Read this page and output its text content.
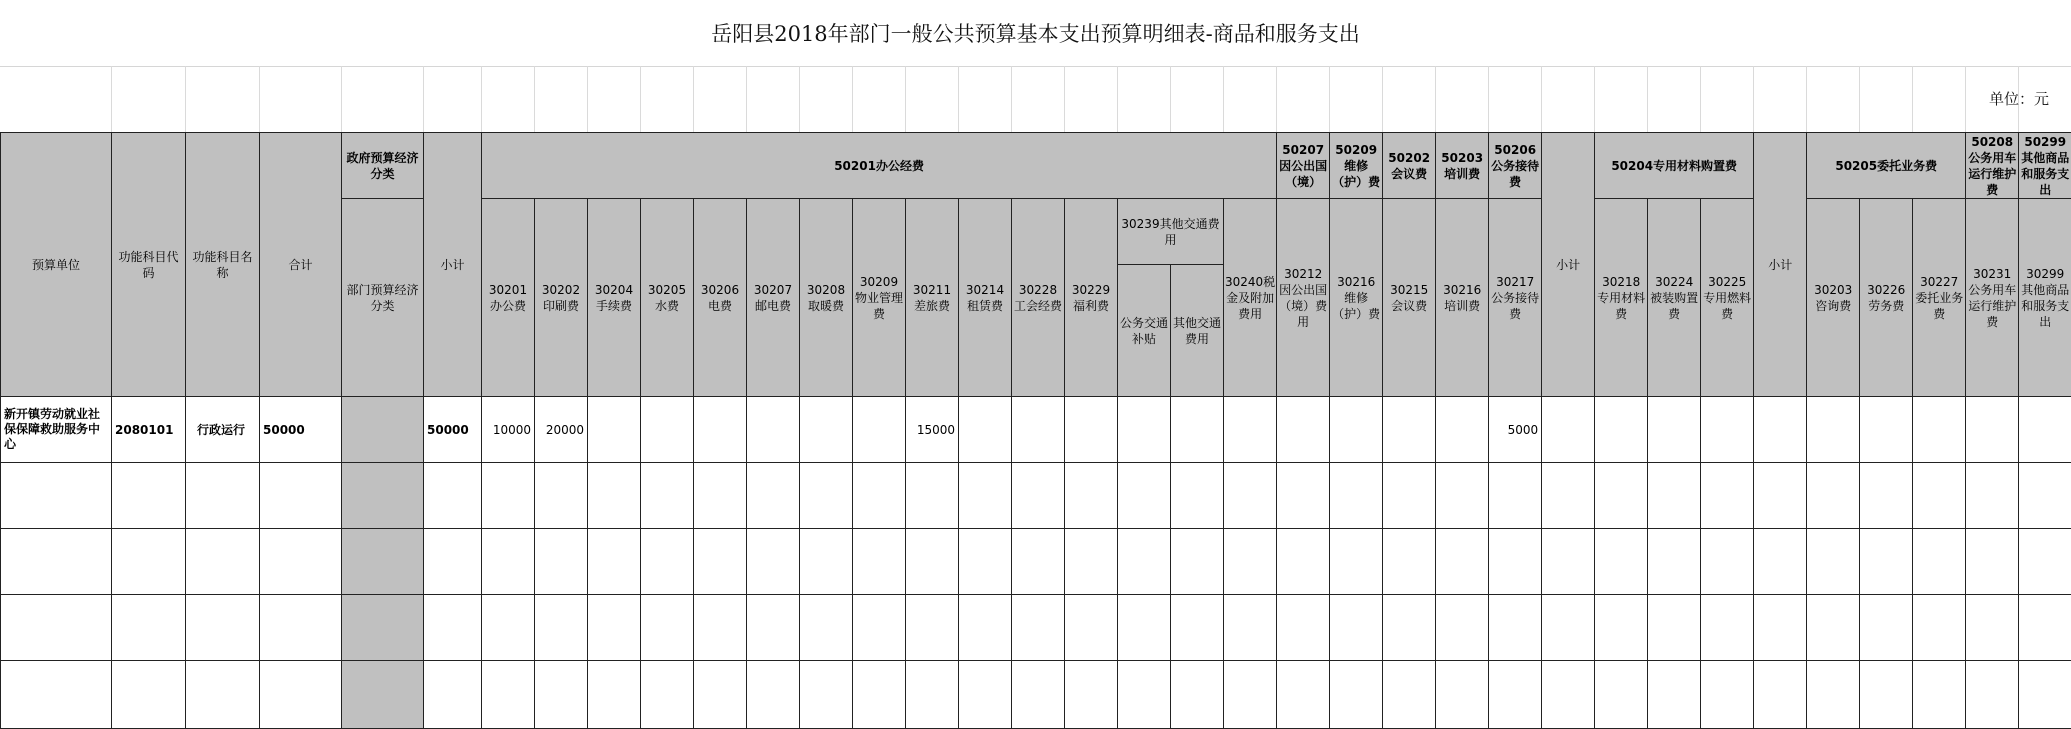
岳阳县2018年部门一般公共预算基本支出预算明细表-商品和服务支出
单位：元
预算单位	功能科目代码	功能科目名称	合计	政府预算经济分类	小计	50201办公经费															50207因公出国（境）	50209维修（护）费	50202会议费	50203培训费	50206公务接待费	小计	50204专用材料购置费			小计	50205委托业务费			50208公务用车运行维护费	50299其他商品和服务支出
				部门预算经济分类		30201办公费	30202印刷费	30204手续费	30205水费	30206电费	30207邮电费	30208取暖费	30209物业管理费	30211差旅费	30214租赁费	30228工会经费	30229福利费	30239其他交通费用		30240税金及附加费用	30212因公出国（境）费用	30216维修（护）费	30215会议费	30216培训费	30217公务接待费		30218专用材料费	30224被装购置费	30225专用燃料费		30203咨询费	30226劳务费	30227委托业务费	30231公务用车运行维护费	30299其他商品和服务支出
																		公务交通补贴	其他交通费用																

新开镇劳动就业社保保障救助服务中心	2080101	行政运行	50000		50000	10000	20000							15000											5000										
